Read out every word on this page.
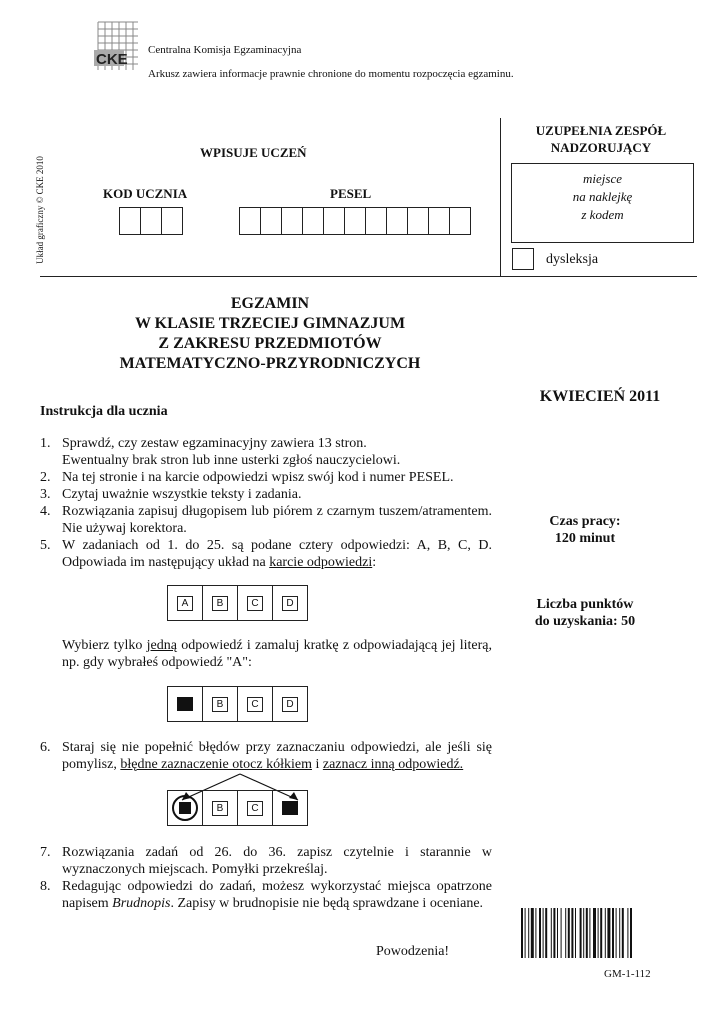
CKE
Centralna Komisja Egzaminacyjna
Arkusz zawiera informacje prawnie chronione do momentu rozpoczęcia egzaminu.
Układ graficzny © CKE 2010
WPISUJE UCZEŃ
KOD UCZNIA	PESEL
UZUPEŁNIA ZESPÓŁ
NADZORUJĄCY
miejsce
na naklejkę
z kodem
dysleksja
EGZAMIN
W KLASIE TRZECIEJ GIMNAZJUM
Z ZAKRESU PRZEDMIOTÓW
MATEMATYCZNO-PRZYRODNICZYCH
KWIECIEŃ 2011
Czas pracy:
120 minut
Liczba punktów
do uzyskania: 50
Instrukcja dla ucznia
1. Sprawdź, czy zestaw egzaminacyjny zawiera 13 stron.
Ewentualny brak stron lub inne usterki zgłoś nauczycielowi.
2. Na tej stronie i na karcie odpowiedzi wpisz swój kod i numer PESEL.
3. Czytaj uważnie wszystkie teksty i zadania.
4. Rozwiązania zapisuj długopisem lub piórem z czarnym tuszem/atramentem. Nie używaj korektora.
5. W zadaniach od 1. do 25. są podane cztery odpowiedzi: A, B, C, D. Odpowiada im następujący układ na karcie odpowiedzi:
A	B	C	D
Wybierz tylko jedną odpowiedź i zamaluj kratkę z odpowiadającą jej literą, np. gdy wybrałeś odpowiedź "A":
B	C	D
6. Staraj się nie popełnić błędów przy zaznaczaniu odpowiedzi, ale jeśli się pomylisz, błędne zaznaczenie otocz kółkiem i zaznacz inną odpowiedź.
B	C
7. Rozwiązania zadań od 26. do 36. zapisz czytelnie i starannie w wyznaczonych miejscach. Pomyłki przekreślaj.
8. Redagując odpowiedzi do zadań, możesz wykorzystać miejsca opatrzone napisem Brudnopis. Zapisy w brudnopisie nie będą sprawdzane i oceniane.
Powodzenia!
GM-1-112
